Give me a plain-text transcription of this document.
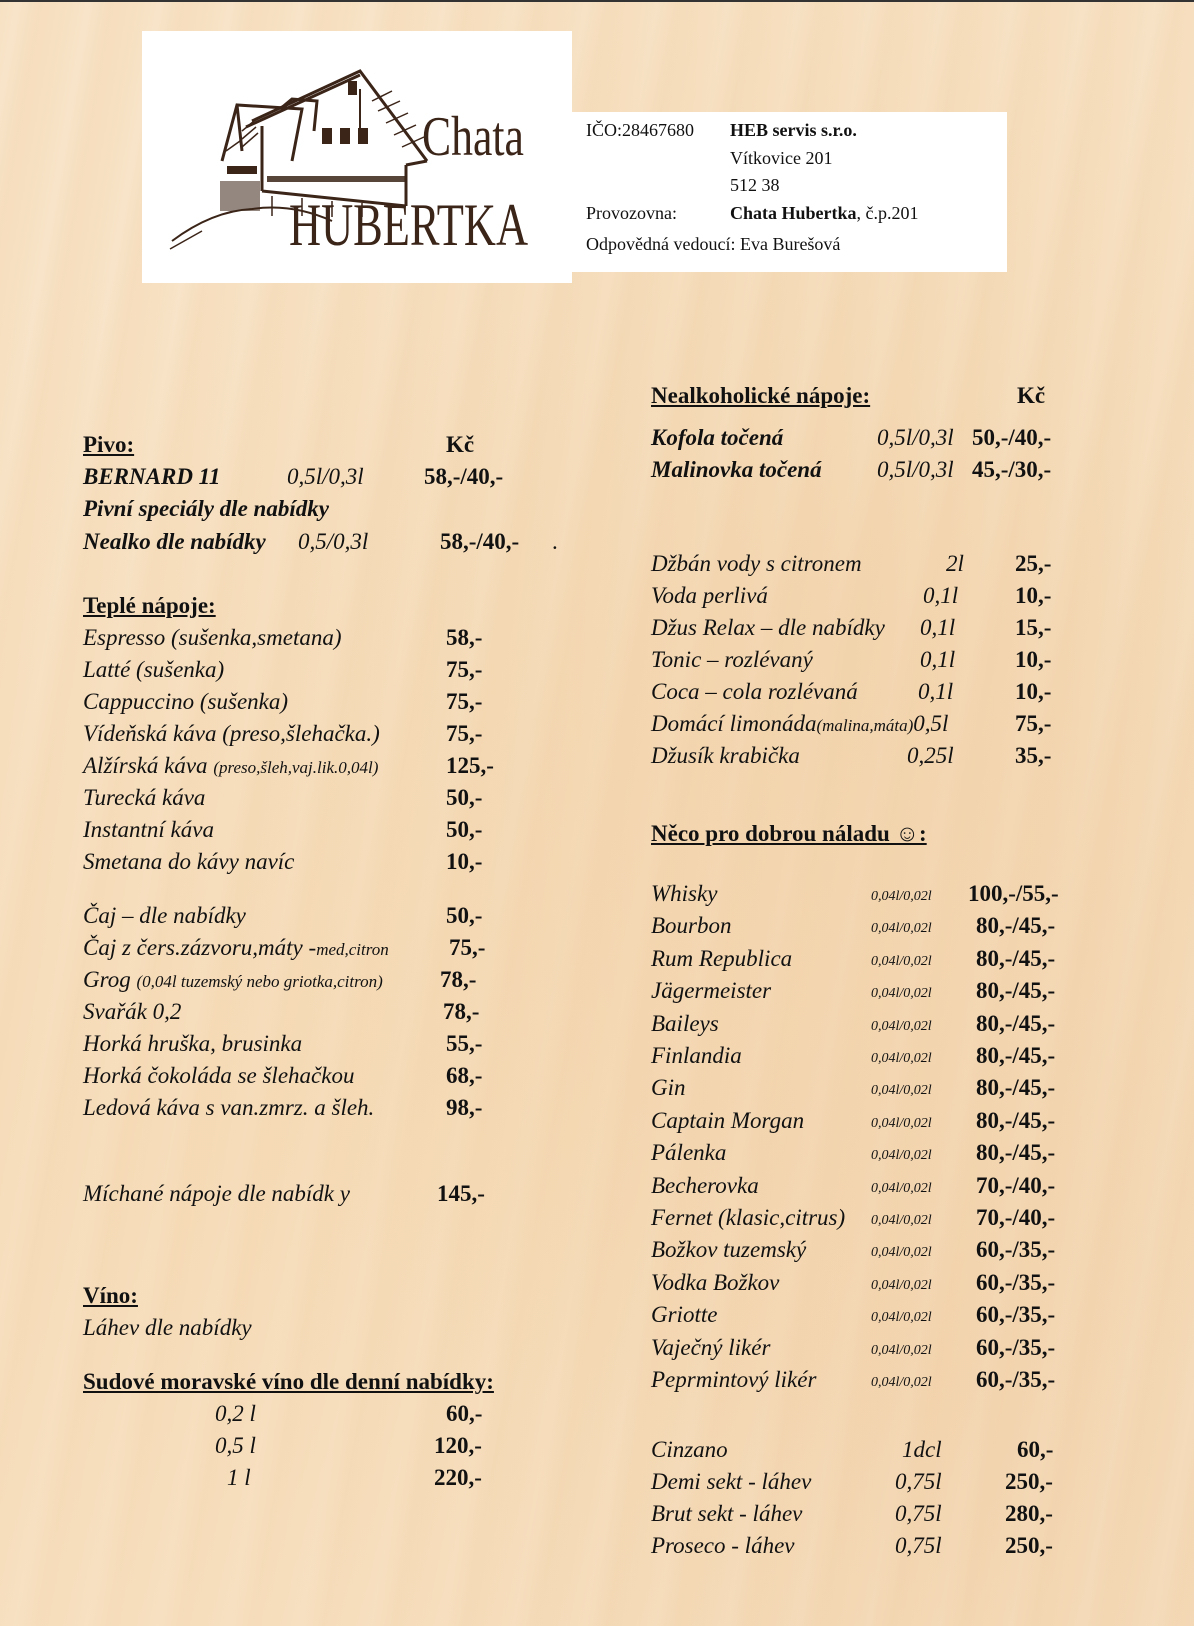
Chata
HUBERTKA
IČO:28467680 HEB servis s.r.o.
Vítkovice 201
512 38
Provozovna:	Chata Hubertka, č.p.201
Odpovědná vedoucí: Eva Burešová
Pivo:	Kč
BERNARD 11	0,5l/0,3l	58,-/40,-
Pivní speciály dle nabídky
Nealko dle nabídky 0,5/0,3l	58,-/40,- .
Teplé nápoje:
Espresso (sušenka,smetana)	58,-
Latté (sušenka)	75,-
Cappuccino (sušenka)	75,-
Vídeňská káva (preso,šlehačka.)	75,-
Alžírská káva (preso,šleh,vaj.lik.0,04l)	125,-
Turecká káva	50,-
Instantní káva	50,-
Smetana do kávy navíc	10,-
Čaj – dle nabídky	50,-
Čaj z čers.zázvoru,máty -med,citron	75,-
Grog (0,04l tuzemský nebo griotka,citron) 78,-
Svařák 0,2	78,-
Horká hruška, brusinka	55,-
Horká čokoláda se šlehačkou	68,-
Ledová káva s van.zmrz. a šleh.	98,-
Míchané nápoje dle nabídk y	145,-
Víno:
Láhev dle nabídky
Sudové moravské víno dle denní nabídky:
0,2 l	60,-
0,5 l	120,-
1 l	220,-
Nealkoholické nápoje:	Kč
Kofola točená	0,5l/0,3l 50,-/40,-
Malinovka točená 0,5l/0,3l 45,-/30,-
Džbán vody s citronem	2l 25,-
Voda perlivá	0,1l 10,-
Džus Relax – dle nabídky 0,1l	15,-
Tonic – rozlévaný	0,1l	10,-
Coca – cola rozlévaná	0,1l	10,-
Domácí limonáda(malina,máta)0,5l	75,-
Džusík krabička	0,25l	35,-
Něco pro dobrou náladu ☺:
Whisky	0,04l/0,02l 100,-/55,-
Bourbon	0,04l/0,02l 80,-/45,-
Rum Republica	0,04l/0,02l 80,-/45,-
Jägermeister	0,04l/0,02l 80,-/45,-
Baileys	0,04l/0,02l 80,-/45,-
Finlandia	0,04l/0,02l 80,-/45,-
Gin	0,04l/0,02l 80,-/45,-
Captain Morgan	0,04l/0,02l 80,-/45,-
Pálenka	0,04l/0,02l 80,-/45,-
Becherovka	0,04l/0,02l 70,-/40,-
Fernet (klasic,citrus) 0,04l/0,02l 70,-/40,-
Božkov tuzemský	0,04l/0,02l 60,-/35,-
Vodka Božkov	0,04l/0,02l 60,-/35,-
Griotte	0,04l/0,02l 60,-/35,-
Vaječný likér	0,04l/0,02l 60,-/35,-
Peprmintový likér	0,04l/0,02l 60,-/35,-
Cinzano	1dcl	60,-
Demi sekt - láhev	0,75l	250,-
Brut sekt - láhev	0,75l	280,-
Proseco - láhev	0,75l	250,-
